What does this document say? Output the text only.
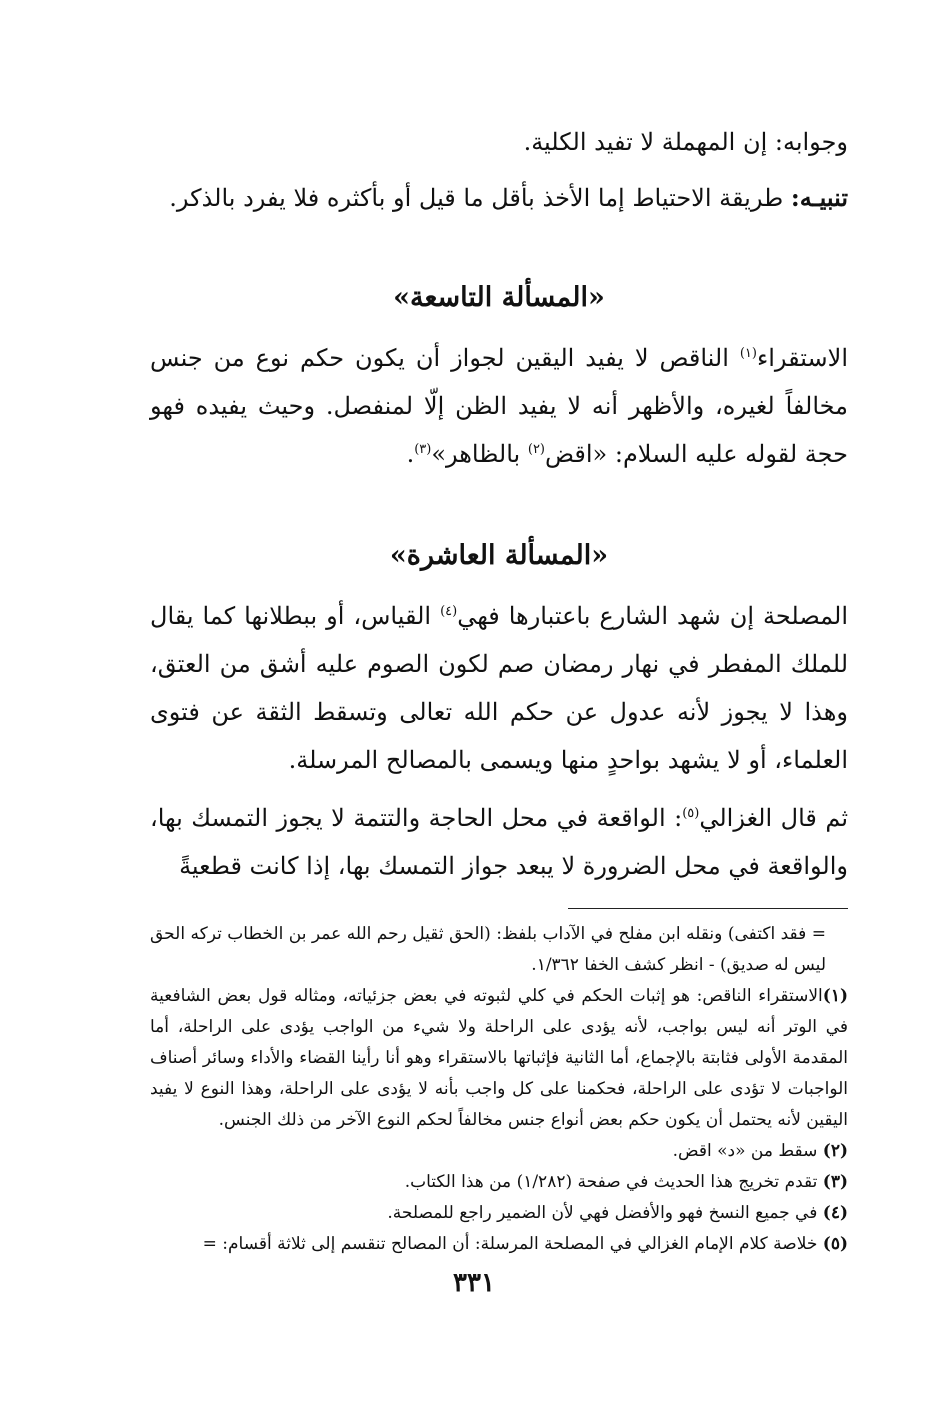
وجوابه: إن المهملة لا تفيد الكلية.

تنبيـه: طريقة الاحتياط إما الأخذ بأقل ما قيل أو بأكثره فلا يفرد بالذكر.

«المسألة التاسعة»

الاستقراء$^{(١)}$ الناقص لا يفيد اليقين لجواز أن يكون حكم نوع من جنس مخالفاً لغيره، والأظهر أنه لا يفيد الظن إلّا لمنفصل. وحيث يفيده فهو حجة لقوله عليه السلام: «اقض$^{(٢)}$ بالظاهر»$^{(٣)}$.

«المسألة العاشرة»

المصلحة إن شهد الشارع باعتبارها فهي$^{(٤)}$ القياس، أو ببطلانها كما يقال للملك المفطر في نهار رمضان صم لكون الصوم عليه أشق من العتق، وهذا لا يجوز لأنه عدول عن حكم الله تعالى وتسقط الثقة عن فتوى العلماء، أو لا يشهد بواحدٍ منها ويسمى بالمصالح المرسلة.

ثم قال الغزالي$^{(٥)}$: الواقعة في محل الحاجة والتتمة لا يجوز التمسك بها، والواقعة في محل الضرورة لا يبعد جواز التمسك بها، إذا كانت قطعيةً

= فقد اكتفى) ونقله ابن مفلح في الآداب بلفظ: (الحق ثقيل رحم الله عمر بن الخطاب تركه الحق ليس له صديق) - انظر كشف الخفا ١/٣٦٢.

(١)الاستقراء الناقص: هو إثبات الحكم في كلي لثبوته في بعض جزئياته، ومثاله قول بعض الشافعية في الوتر أنه ليس بواجب، لأنه يؤدى على الراحلة ولا شيء من الواجب يؤدى على الراحلة، أما المقدمة الأولى فثابتة بالإجماع، أما الثانية فإثباتها بالاستقراء وهو أنا رأينا القضاء والأداء وسائر أصناف الواجبات لا تؤدى على الراحلة، فحكمنا على كل واجب بأنه لا يؤدى على الراحلة، وهذا النوع لا يفيد اليقين لأنه يحتمل أن يكون حكم بعض أنواع جنس مخالفاً لحكم النوع الآخر من ذلك الجنس.

(٢) سقط من «د» اقض.

(٣) تقدم تخريج هذا الحديث في صفحة (١/٢٨٢) من هذا الكتاب.

(٤) في جميع النسخ فهو والأفضل فهي لأن الضمير راجع للمصلحة.

(٥) خلاصة كلام الإمام الغزالي في المصلحة المرسلة: أن المصالح تنقسم إلى ثلاثة أقسام: =

٣٣١
